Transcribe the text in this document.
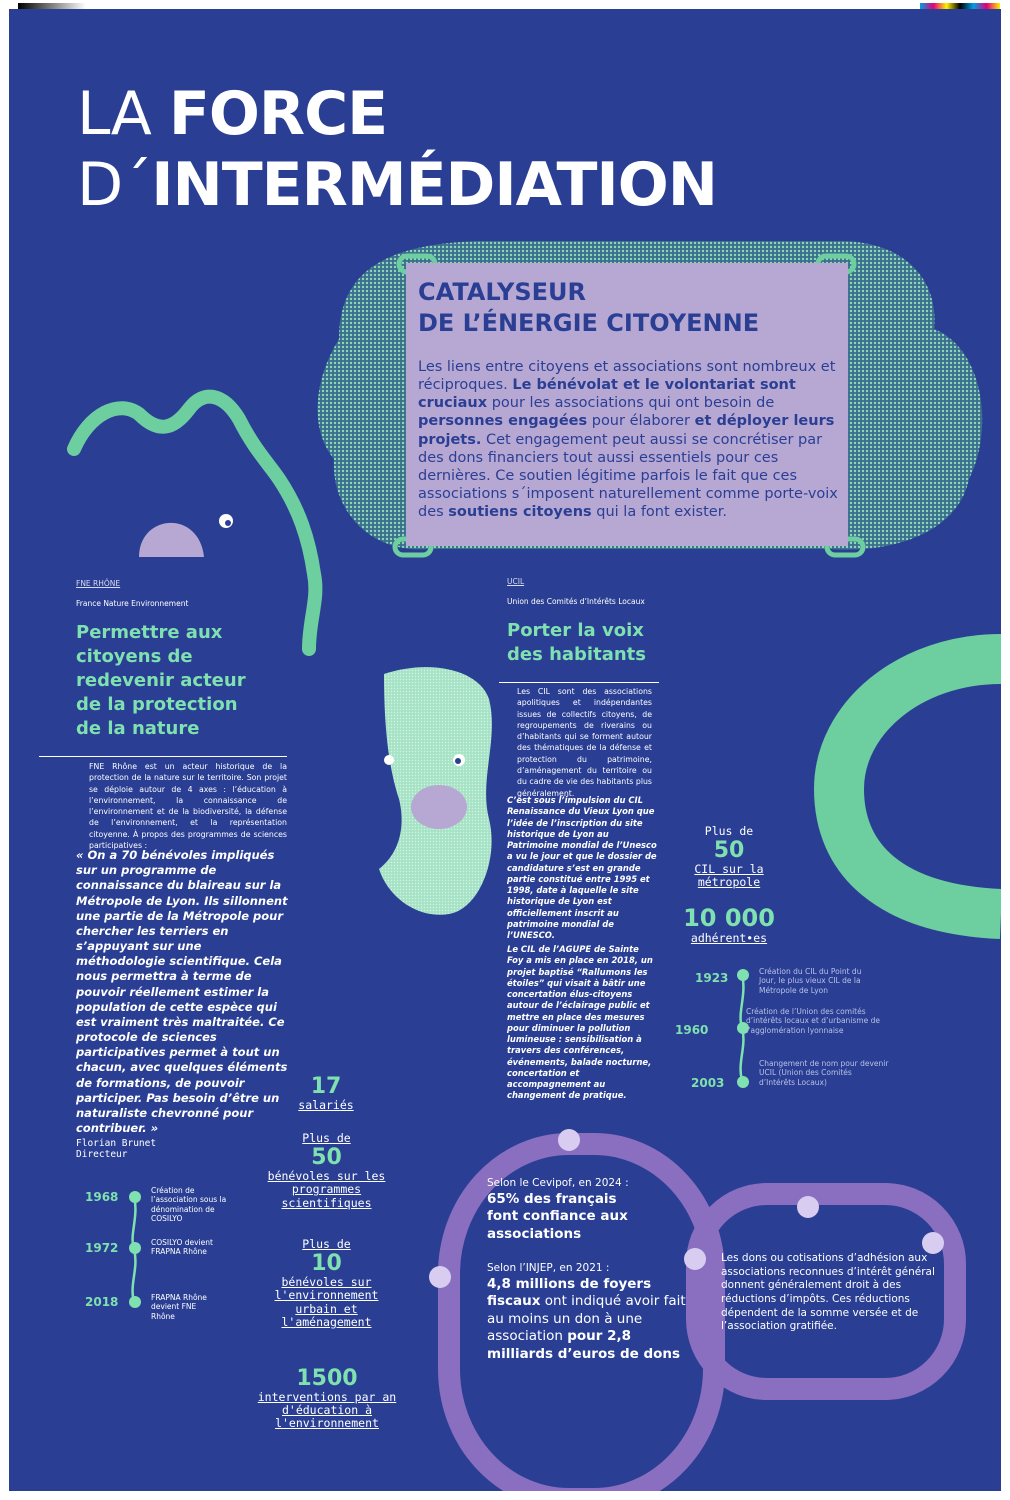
LA FORCE
D´INTERMÉDIATION
CATALYSEUR
DE L’ÉNERGIE CITOYENNE
Les liens entre citoyens et associations sont nombreux et réciproques. Le bénévolat et le volontariat sont cruciaux pour les associations qui ont besoin de personnes engagées pour élaborer et déployer leurs projets. Cet engagement peut aussi se concrétiser par des dons financiers tout aussi essentiels pour ces dernières. Ce soutien légitime parfois le fait que ces associations s´imposent naturellement comme porte-voix des soutiens citoyens qui la font exister.
FNE RHÔNE
France Nature Environnement
Permettre aux
citoyens de
redevenir acteur
de la protection
de la nature
FNE Rhône est un acteur historique de la protection de la nature sur le territoire. Son projet se déploie autour de 4 axes : l’éducation à l’environnement, la connaissance de l’environnement et de la biodiversité, la défense de l’environnement, et la représentation citoyenne. À propos des programmes de sciences participatives :
« On a 70 bénévoles impliqués sur un programme de connaissance du blaireau sur la Métropole de Lyon. Ils sillonnent une partie de la Métropole pour chercher les terriers en s’appuyant sur une méthodologie scientifique. Cela nous permettra à terme de pouvoir réellement estimer la population de cette espèce qui est vraiment très maltraitée. Ce protocole de sciences participatives permet à tout un chacun, avec quelques éléments de formations, de pouvoir participer. Pas besoin d’être un naturaliste chevronné pour contribuer. »
Florian Brunet
Directeur
1968
1972
2018
Création de l’association sous la dénomination de COSILYO
COSILYO devient FRAPNA Rhône
FRAPNA Rhône devient FNE Rhône
17
salariés
Plus de
50
bénévoles sur les programmes scientifiques
Plus de
10
bénévoles sur l'environnement urbain et l'aménagement
1500
interventions par an d'éducation à l'environnement
UCIL
Union des Comités d’Intérêts Locaux
Porter la voix
des habitants
Les CIL sont des associations apolitiques et indépendantes issues de collectifs citoyens, de regroupements de riverains ou d’habitants qui se forment autour des thématiques de la défense et protection du patrimoine, d’aménagement du territoire ou du cadre de vie des habitants plus généralement.
C’est sous l’impulsion du CIL Renaissance du Vieux Lyon que l’idée de l’inscription du site historique de Lyon au Patrimoine mondial de l’Unesco a vu le jour et que le dossier de candidature s’est en grande partie constitué entre 1995 et 1998, date à laquelle le site historique de Lyon est officiellement inscrit au patrimoine mondial de l’UNESCO.
Le CIL de l’AGUPE de Sainte Foy a mis en place en 2018, un projet baptisé “Rallumons les étoiles” qui visait à bâtir une concertation élus-citoyens autour de l’éclairage public et mettre en place des mesures pour diminuer la pollution lumineuse : sensibilisation à travers des conférences, événements, balade nocturne, concertation et accompagnement au changement de pratique.
Plus de
50
CIL sur la métropole
10 000
adhérent•es
1923
1960
2003
Création du CIL du Point du Jour, le plus vieux CIL de la Métropole de Lyon
Création de l’Union des comités d’intérêts locaux et d’urbanisme de l’agglomération lyonnaise
Changement de nom pour devenir UCIL (Union des Comités d’Intérêts Locaux)
Selon le Cevipof, en 2024 :
65% des français font confiance aux associations
Selon l’INJEP, en 2021 :
4,8 millions de foyers fiscaux ont indiqué avoir fait au moins un don à une association pour 2,8 milliards d’euros de dons
Les dons ou cotisations d’adhésion aux associations reconnues d’intérêt général donnent généralement droit à des réductions d’impôts. Ces réductions dépendent de la somme versée et de l’association gratifiée.
